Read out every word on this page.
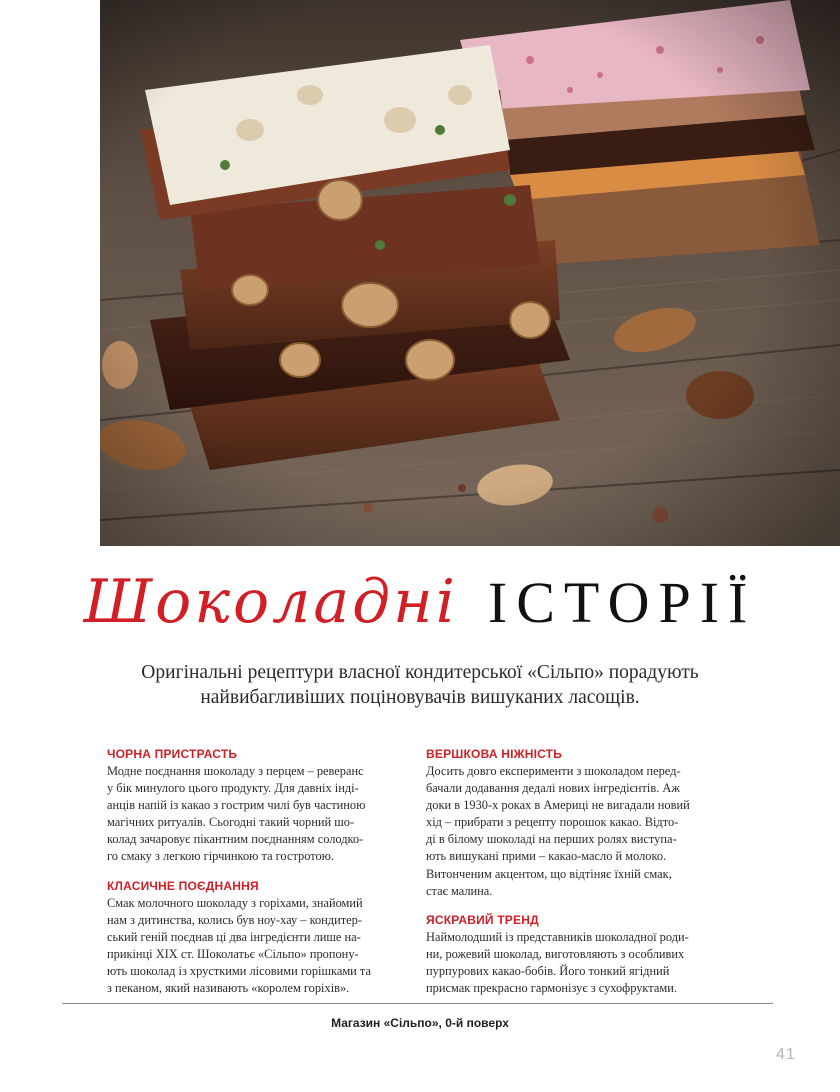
Шоколадні ІСТОРІЇ
Оригінальні рецептури власної кондитерської «Сільпо» порадують
найвибагливіших поціновувачів вишуканих ласощів.
ЧОРНА ПРИСТРАСТЬ

Модне поєднання шоколаду з перцем – реверанс
у бік минулого цього продукту. Для давніх інді-
анців напій із какао з гострим чилі був частиною
магічних ритуалів. Сьогодні такий чорний шо-
колад зачаровує пікантним поєднанням солодко-
го смаку з легкою гірчинкою та гостротою.

КЛАСИЧНЕ ПОЄДНАННЯ

Смак молочного шоколаду з горіхами, знайомий
нам з дитинства, колись був ноу-хау – кондитер-
ський геній поєднав ці два інгредієнти лише на-
прикінці XIX ст. Шоколатьє «Сільпо» пропону-
ють шоколад із хрусткими лісовими горішками та
з пеканом, який називають «королем горіхів».

ВЕРШКОВА НІЖНІСТЬ

Досить довго експерименти з шоколадом перед-
бачали додавання дедалі нових інгредієнтів. Аж
доки в 1930-х роках в Америці не вигадали новий
хід – прибрати з рецепту порошок какао. Відто-
ді в білому шоколаді на перших ролях виступа-
ють вишукані прими – какао-масло й молоко.
Витонченим акцентом, що відтіняє їхній смак,
стає малина.

ЯСКРАВИЙ ТРЕНД

Наймолодший із представників шоколадної роди-
ни, рожевий шоколад, виготовляють з особливих
пурпурових какао-бобів. Його тонкий ягідний
присмак прекрасно гармонізує з сухофруктами.

Магазин «Сільпо», 0-й поверх
41
